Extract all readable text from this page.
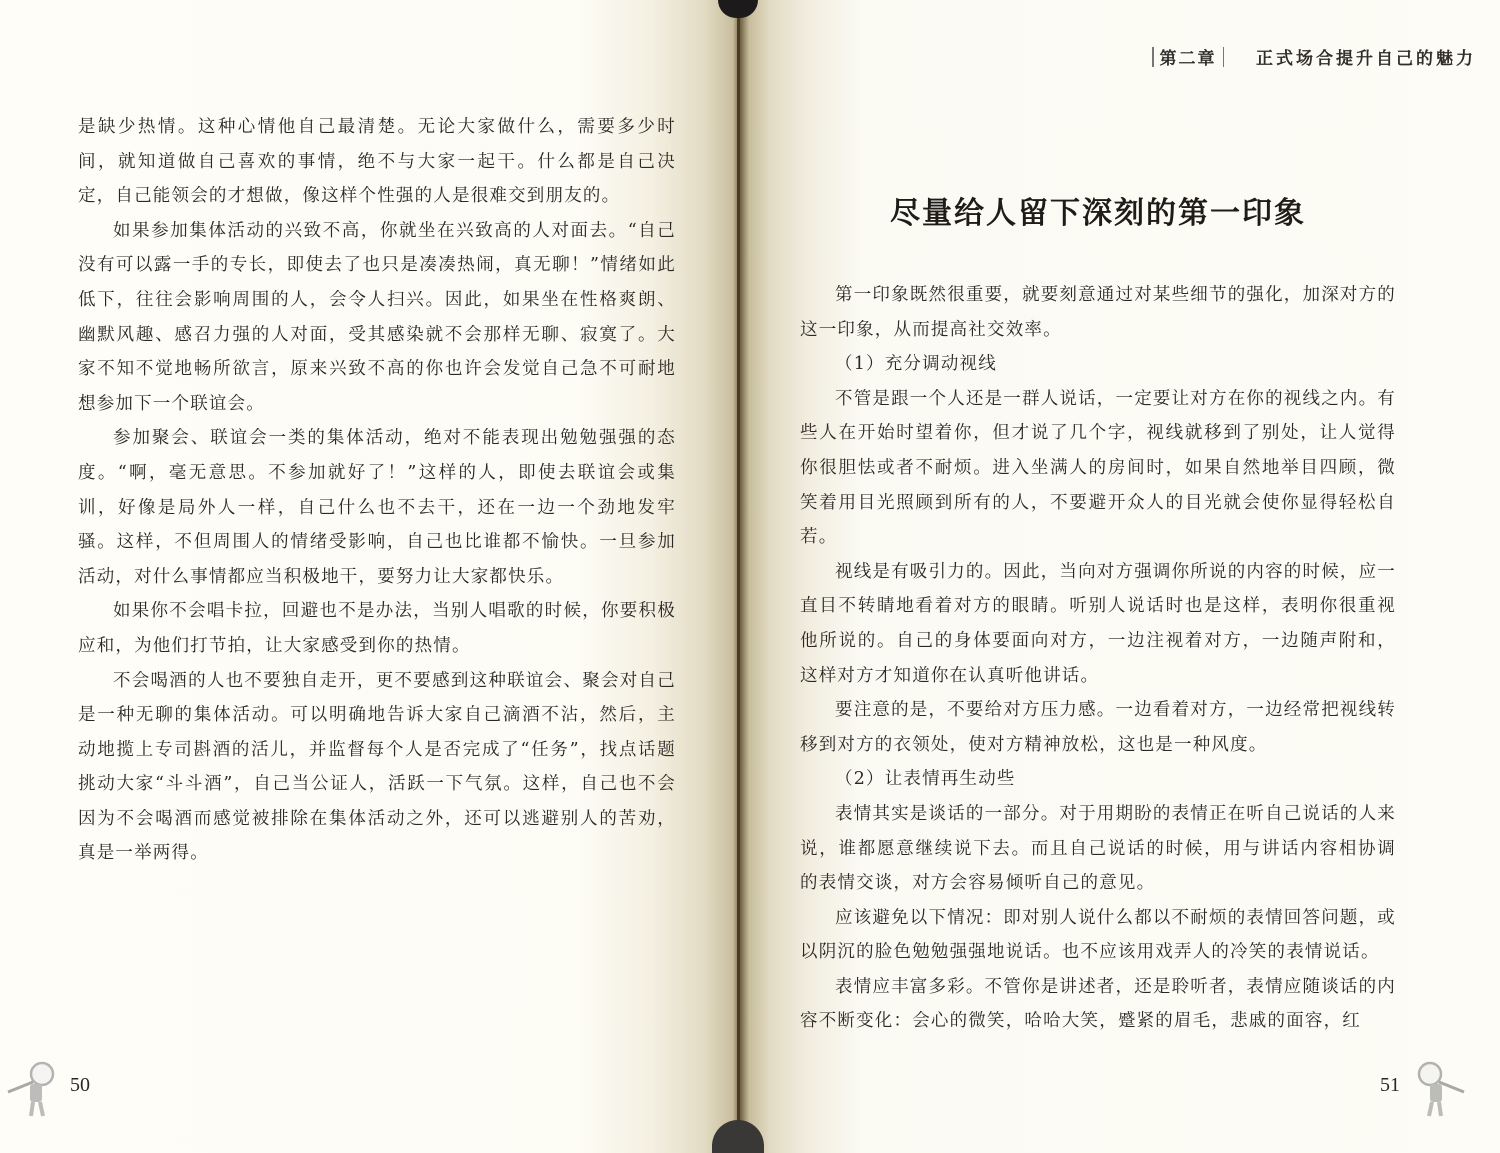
是缺少热情。这种心情他自己最清楚。无论大家做什么，需要多少时间，就知道做自己喜欢的事情，绝不与大家一起干。什么都是自己决定，自己能领会的才想做，像这样个性强的人是很难交到朋友的。

如果参加集体活动的兴致不高，你就坐在兴致高的人对面去。“自己没有可以露一手的专长，即使去了也只是凑凑热闹，真无聊！”情绪如此低下，往往会影响周围的人，会令人扫兴。因此，如果坐在性格爽朗、幽默风趣、感召力强的人对面，受其感染就不会那样无聊、寂寞了。大家不知不觉地畅所欲言，原来兴致不高的你也许会发觉自己急不可耐地想参加下一个联谊会。

参加聚会、联谊会一类的集体活动，绝对不能表现出勉勉强强的态度。“啊，毫无意思。不参加就好了！”这样的人，即使去联谊会或集训，好像是局外人一样，自己什么也不去干，还在一边一个劲地发牢骚。这样，不但周围人的情绪受影响，自己也比谁都不愉快。一旦参加活动，对什么事情都应当积极地干，要努力让大家都快乐。

如果你不会唱卡拉，回避也不是办法，当别人唱歌的时候，你要积极应和，为他们打节拍，让大家感受到你的热情。

不会喝酒的人也不要独自走开，更不要感到这种联谊会、聚会对自己是一种无聊的集体活动。可以明确地告诉大家自己滴酒不沾，然后，主动地揽上专司斟酒的活儿，并监督每个人是否完成了“任务”，找点话题挑动大家“斗斗酒”，自己当公证人，活跃一下气氛。这样，自己也不会因为不会喝酒而感觉被排除在集体活动之外，还可以逃避别人的苦劝，真是一举两得。

50
第二章 正式场合提升自己的魅力
尽量给人留下深刻的第一印象

第一印象既然很重要，就要刻意通过对某些细节的强化，加深对方的这一印象，从而提高社交效率。

（1）充分调动视线

不管是跟一个人还是一群人说话，一定要让对方在你的视线之内。有些人在开始时望着你，但才说了几个字，视线就移到了别处，让人觉得你很胆怯或者不耐烦。进入坐满人的房间时，如果自然地举目四顾，微笑着用目光照顾到所有的人，不要避开众人的目光就会使你显得轻松自若。

视线是有吸引力的。因此，当向对方强调你所说的内容的时候，应一直目不转睛地看着对方的眼睛。听别人说话时也是这样，表明你很重视他所说的。自己的身体要面向对方，一边注视着对方，一边随声附和，这样对方才知道你在认真听他讲话。

要注意的是，不要给对方压力感。一边看着对方，一边经常把视线转移到对方的衣领处，使对方精神放松，这也是一种风度。

（2）让表情再生动些

表情其实是谈话的一部分。对于用期盼的表情正在听自己说话的人来说，谁都愿意继续说下去。而且自己说话的时候，用与讲话内容相协调的表情交谈，对方会容易倾听自己的意见。

应该避免以下情况：即对别人说什么都以不耐烦的表情回答问题，或以阴沉的脸色勉勉强强地说话。也不应该用戏弄人的冷笑的表情说话。

表情应丰富多彩。不管你是讲述者，还是聆听者，表情应随谈话的内容不断变化：会心的微笑，哈哈大笑，蹙紧的眉毛，悲戚的面容，红

51
